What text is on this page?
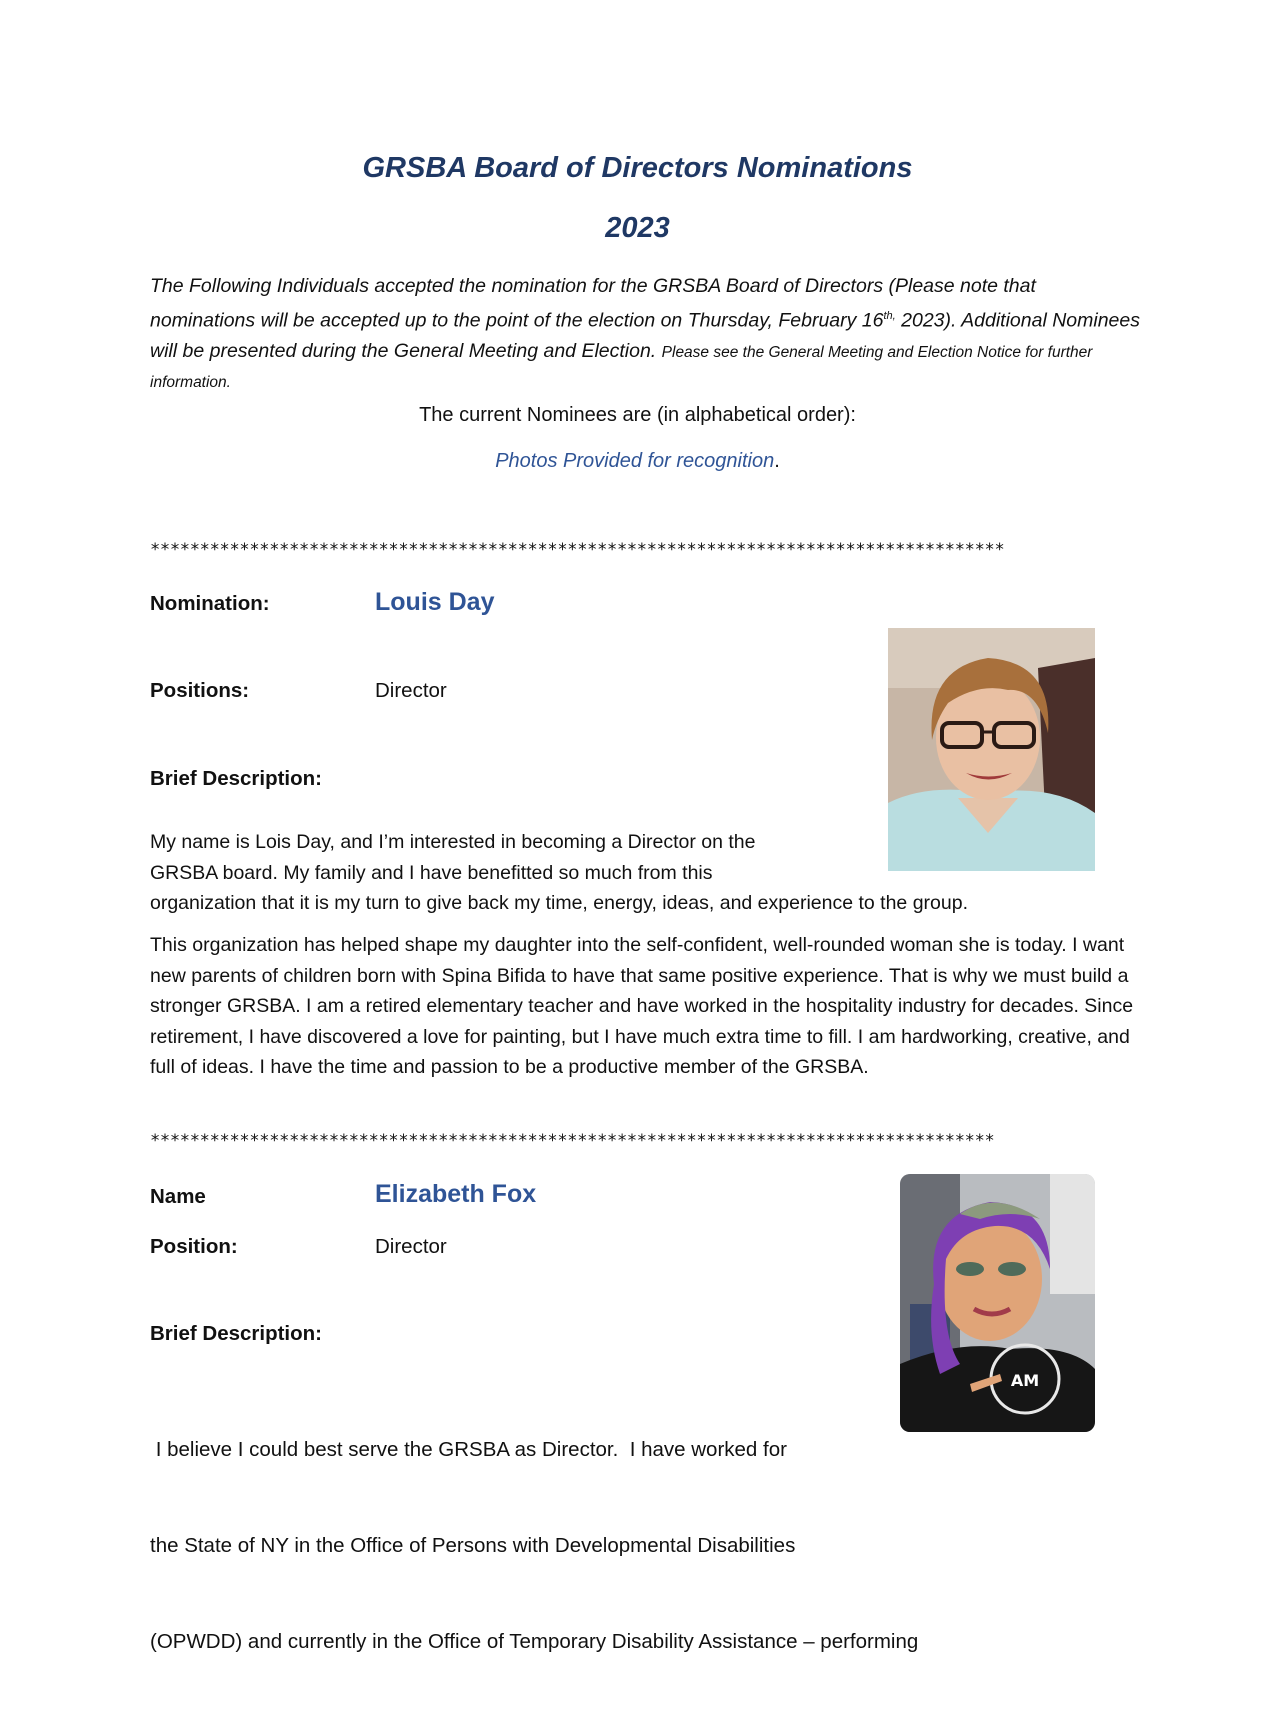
GRSBA Board of Directors Nominations
2023
The Following Individuals accepted the nomination for the GRSBA Board of Directors (Please note that nominations will be accepted up to the point of the election on Thursday, February $16^{th,}$ 2023). Additional Nominees will be presented during the General Meeting and Election. Please see the General Meeting and Election Notice for further information.
The current Nominees are (in alphabetical order):
Photos Provided for recognition.
**************************************************************************************
Nomination:	Louis Day
Positions:	Director
Brief Description:
My name is Lois Day, and I’m interested in becoming a Director on the
GRSBA board. My family and I have benefitted so much from this
organization that it is my turn to give back my time, energy, ideas, and experience to the group.

This organization has helped shape my daughter into the self-confident, well-rounded woman she is today. I want new parents of children born with Spina Bifida to have that same positive experience. That is why we must build a stronger GRSBA. I am a retired elementary teacher and have worked in the hospitality industry for decades. Since retirement, I have discovered a love for painting, but I have much extra time to fill. I am hardworking, creative, and full of ideas. I have the time and passion to be a productive member of the GRSBA.

*************************************************************************************
Name	Elizabeth Fox
AM
Position:	Director
Brief Description:

I believe I could best serve the GRSBA as Director.  I have worked for

the State of NY in the Office of Persons with Developmental Disabilities

(OPWDD) and currently in the Office of Temporary Disability Assistance – performing
